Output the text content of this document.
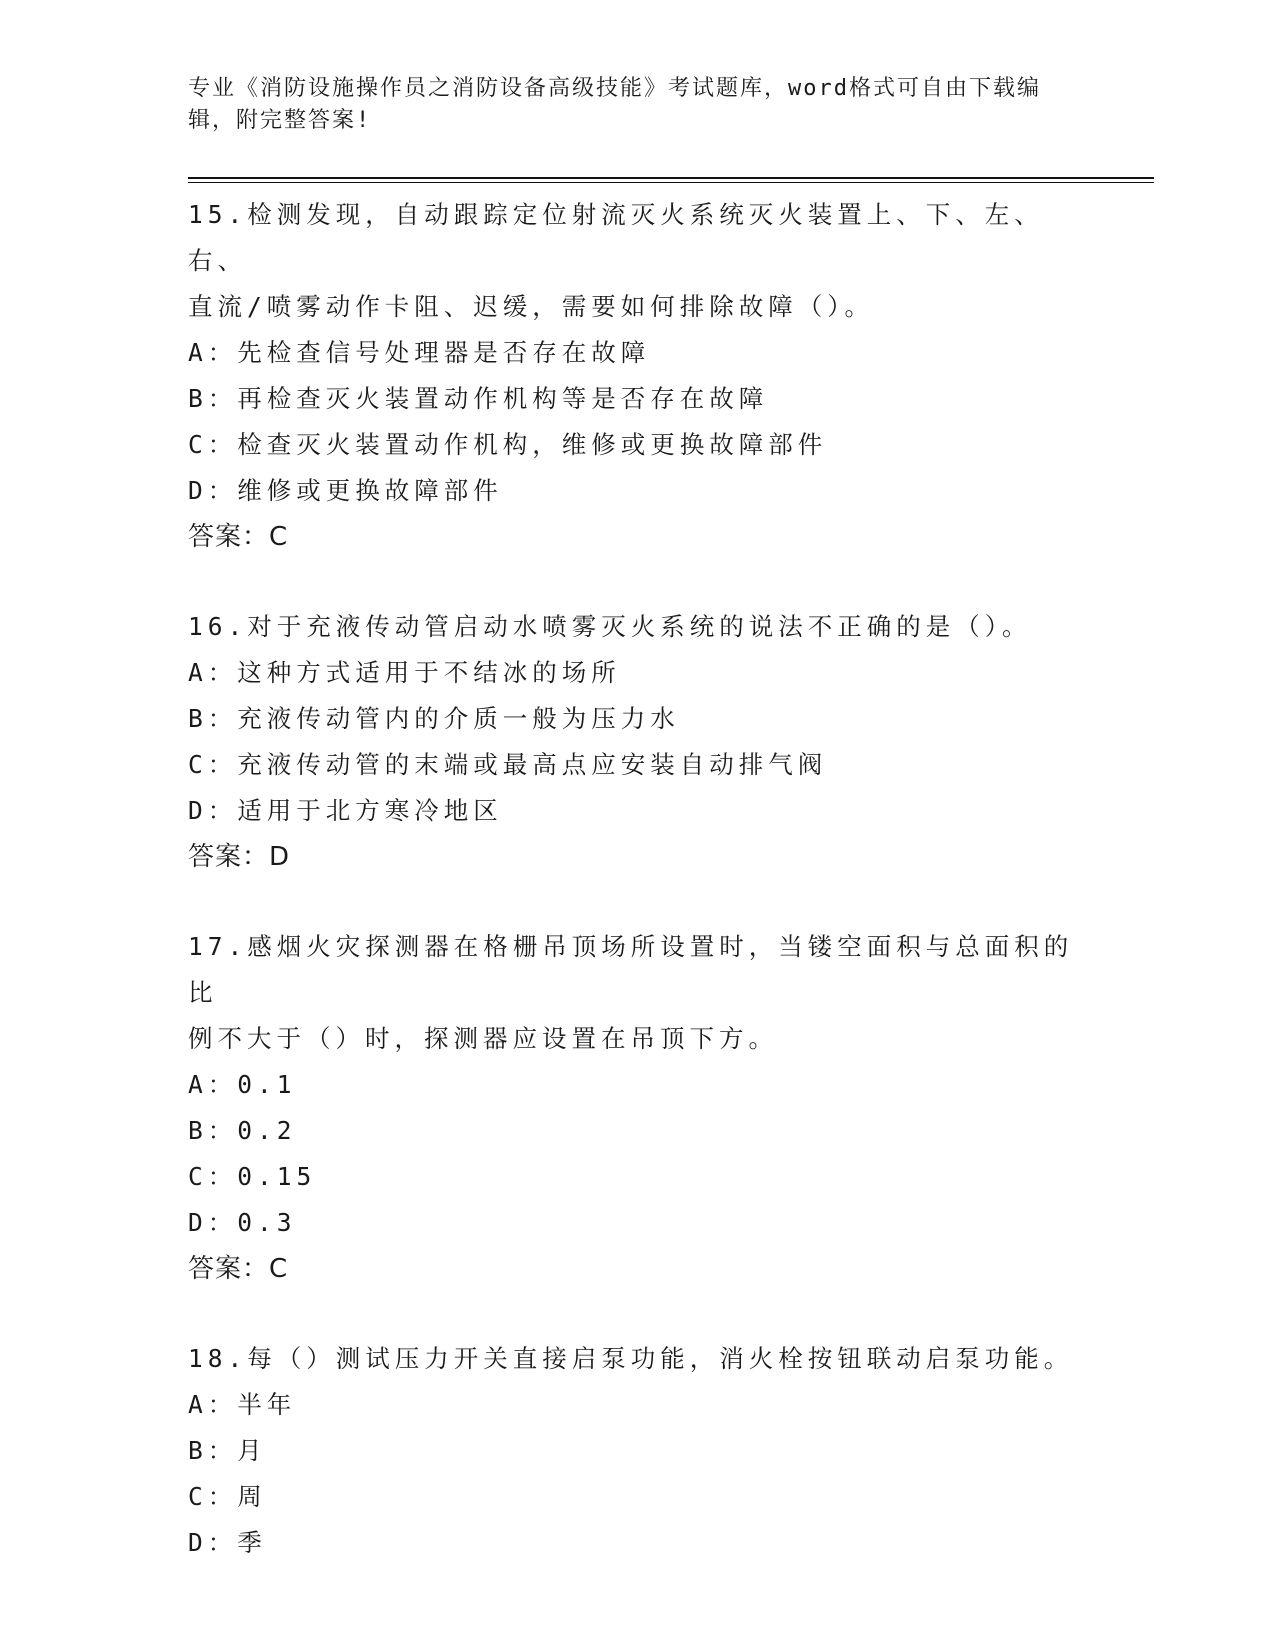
专业《消防设施操作员之消防设备高级技能》考试题库，word格式可自由下载编
辑，附完整答案!
15.检测发现，自动跟踪定位射流灭火系统灭火装置上、下、左、右、
直流/喷雾动作卡阻、迟缓，需要如何排除故障（）。
A：先检查信号处理器是否存在故障
B：再检查灭火装置动作机构等是否存在故障
C：检查灭火装置动作机构，维修或更换故障部件
D：维修或更换故障部件
答案：C
16.对于充液传动管启动水喷雾灭火系统的说法不正确的是（）。
A：这种方式适用于不结冰的场所
B：充液传动管内的介质一般为压力水
C：充液传动管的末端或最高点应安装自动排气阀
D：适用于北方寒冷地区
答案：D
17.感烟火灾探测器在格栅吊顶场所设置时，当镂空面积与总面积的比
例不大于（）时，探测器应设置在吊顶下方。
A：0.1
B：0.2
C：0.15
D：0.3
答案：C
18.每（）测试压力开关直接启泵功能，消火栓按钮联动启泵功能。
A：半年
B：月
C：周
D：季
